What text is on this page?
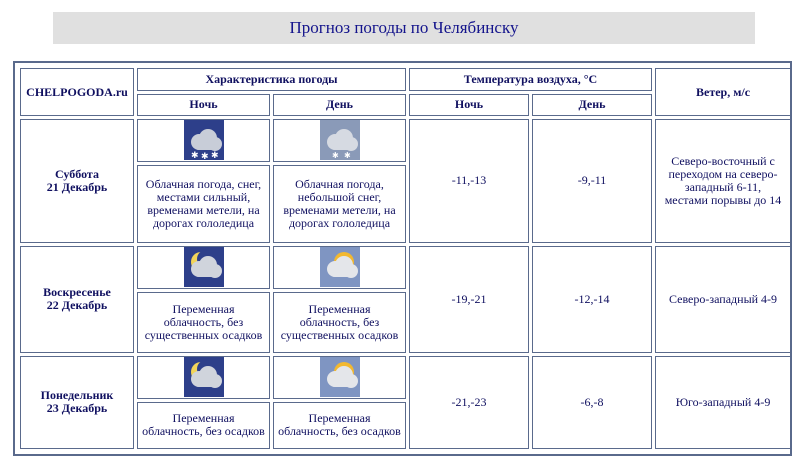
Прогноз погоды по Челябинску
CHELPOGODA.ru	Характеристика погоды		Температура воздуха, °C		Ветер, м/с
	Ночь	День	Ночь	День	
Суббота
21 Декабрь	✱ ✱ ✱	✱ ✱	-11,-13	-9,-11	Северо-восточный с переходом на северо-западный 6-11, местами порывы до 14
	Облачная погода, снег, местами сильный, временами метели, на дорогах гололедица	Облачная погода, небольшой снег, временами метели, на дорогах гололедица			
Воскресенье
22 Декабрь			-19,-21	-12,-14	Северо-западный 4-9
	Переменная облачность, без существенных осадков	Переменная облачность, без существенных осадков			
Понедельник
23 Декабрь			-21,-23	-6,-8	Юго-западный 4-9
	Переменная облачность, без осадков	Переменная облачность, без осадков			
